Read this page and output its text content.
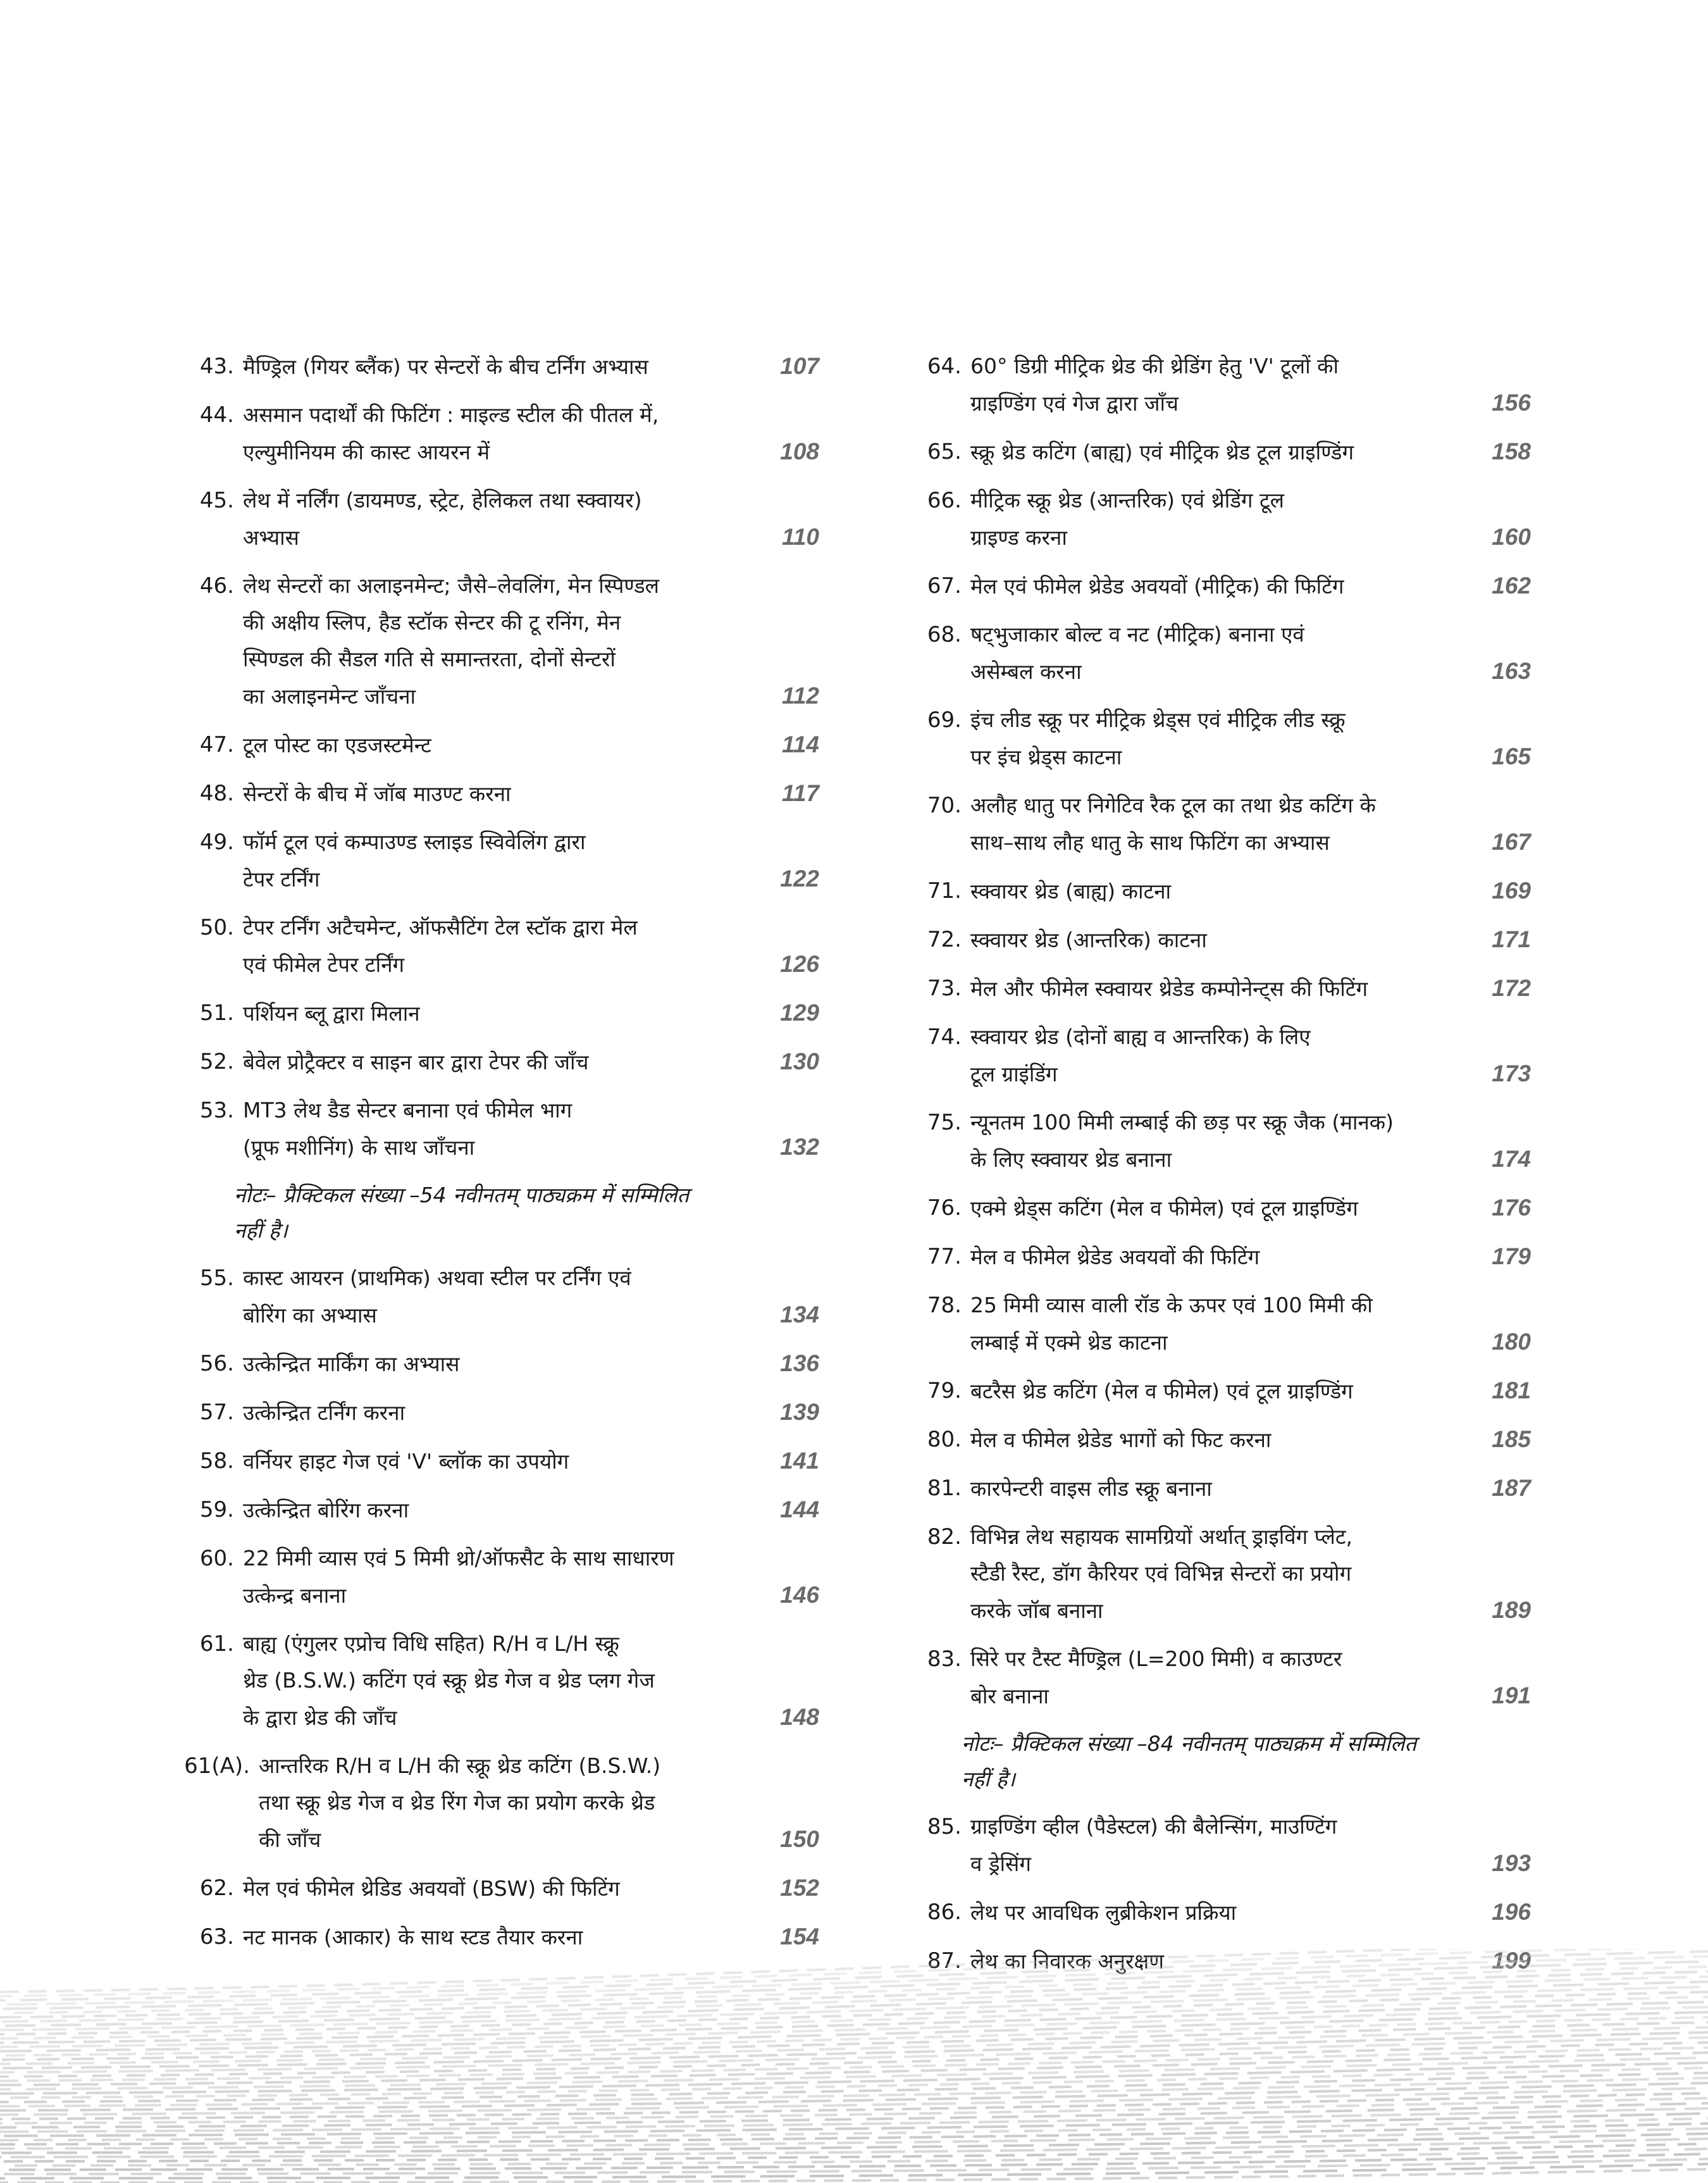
43. मैण्ड्रिल (गियर ब्लैंक) पर सेन्टरों के बीच टर्निंग अभ्यास	107
44. असमान पदार्थों की फिटिंग : माइल्ड स्टील की पीतल में,
एल्युमीनियम की कास्ट आयरन में	108
45. लेथ में नर्लिंग (डायमण्ड, स्ट्रेट, हेलिकल तथा स्क्वायर)
अभ्यास	110
46. लेथ सेन्टरों का अलाइनमेन्ट; जैसे–लेवलिंग, मेन स्पिण्डल
की अक्षीय स्लिप, हैड स्टॉक सेन्टर की टू रनिंग, मेन
स्पिण्डल की सैडल गति से समान्तरता, दोनों सेन्टरों
का अलाइनमेन्ट जाँचना	112
47. टूल पोस्ट का एडजस्टमेन्ट	114
48. सेन्टरों के बीच में जॉब माउण्ट करना	117
49. फॉर्म टूल एवं कम्पाउण्ड स्लाइड स्विवेलिंग द्वारा
टेपर टर्निंग	122
50. टेपर टर्निंग अटैचमेन्ट, ऑफसैटिंग टेल स्टॉक द्वारा मेल
एवं फीमेल टेपर टर्निंग	126
51. पर्शियन ब्लू द्वारा मिलान	129
52. बेवेल प्रोट्रैक्टर व साइन बार द्वारा टेपर की जाँच	130
53. MT3 लेथ डैड सेन्टर बनाना एवं फीमेल भाग
(प्रूफ मशीनिंग) के साथ जाँचना	132
नोटः– प्रैक्टिकल संख्या –54 नवीनतम् पाठ्यक्रम में सम्मिलित
नहीं है।
55. कास्ट आयरन (प्राथमिक) अथवा स्टील पर टर्निंग एवं
बोरिंग का अभ्यास	134
56. उत्केन्द्रित मार्किंग का अभ्यास	136
57. उत्केन्द्रित टर्निंग करना	139
58. वर्नियर हाइट गेज एवं 'V' ब्लॉक का उपयोग	141
59. उत्केन्द्रित बोरिंग करना	144
60. 22 मिमी व्यास एवं 5 मिमी थ्रो/ऑफसैट के साथ साधारण
उत्केन्द्र बनाना	146
61. बाह्य (एंगुलर एप्रोच विधि सहित) R/H व L/H स्क्रू
थ्रेड (B.S.W.) कटिंग एवं स्क्रू थ्रेड गेज व थ्रेड प्लग गेज
के द्वारा थ्रेड की जाँच	148
61(A). आन्तरिक R/H व L/H की स्क्रू थ्रेड कटिंग (B.S.W.)
तथा स्क्रू थ्रेड गेज व थ्रेड रिंग गेज का प्रयोग करके थ्रेड
की जाँच	150
62. मेल एवं फीमेल थ्रेडिड अवयवों (BSW) की फिटिंग	152
63. नट मानक (आकार) के साथ स्टड तैयार करना	154
64. 60° डिग्री मीट्रिक थ्रेड की थ्रेडिंग हेतु 'V' टूलों की
ग्राइण्डिंग एवं गेज द्वारा जाँच	156
65. स्क्रू थ्रेड कटिंग (बाह्य) एवं मीट्रिक थ्रेड टूल ग्राइण्डिंग	158
66. मीट्रिक स्क्रू थ्रेड (आन्तरिक) एवं थ्रेडिंग टूल
ग्राइण्ड करना	160
67. मेल एवं फीमेल थ्रेडेड अवयवों (मीट्रिक) की फिटिंग	162
68. षट्भुजाकार बोल्ट व नट (मीट्रिक) बनाना एवं
असेम्बल करना	163
69. इंच लीड स्क्रू पर मीट्रिक थ्रेड्स एवं मीट्रिक लीड स्क्रू
पर इंच थ्रेड्स काटना	165
70. अलौह धातु पर निगेटिव रैक टूल का तथा थ्रेड कटिंग के
साथ–साथ लौह धातु के साथ फिटिंग का अभ्यास	167
71. स्क्वायर थ्रेड (बाह्य) काटना	169
72. स्क्वायर थ्रेड (आन्तरिक) काटना	171
73. मेल और फीमेल स्क्वायर थ्रेडेड कम्पोनेन्ट्स की फिटिंग	172
74. स्क्वायर थ्रेड (दोनों बाह्य व आन्तरिक) के लिए
टूल ग्राइंडिंग	173
75. न्यूनतम 100 मिमी लम्बाई की छड़ पर स्क्रू जैक (मानक)
के लिए स्क्वायर थ्रेड बनाना	174
76. एक्मे थ्रेड्स कटिंग (मेल व फीमेल) एवं टूल ग्राइण्डिंग	176
77. मेल व फीमेल थ्रेडेड अवयवों की फिटिंग	179
78. 25 मिमी व्यास वाली रॉड के ऊपर एवं 100 मिमी की
लम्बाई में एक्मे थ्रेड काटना	180
79. बटरैस थ्रेड कटिंग (मेल व फीमेल) एवं टूल ग्राइण्डिंग	181
80. मेल व फीमेल थ्रेडेड भागों को फिट करना	185
81. कारपेन्टरी वाइस लीड स्क्रू बनाना	187
82. विभिन्न लेथ सहायक सामग्रियों अर्थात् ड्राइविंग प्लेट,
स्टैडी रैस्ट, डॉग कैरियर एवं विभिन्न सेन्टरों का प्रयोग
करके जॉब बनाना	189
83. सिरे पर टैस्ट मैण्ड्रिल (L=200 मिमी) व काउण्टर
बोर बनाना	191
नोटः– प्रैक्टिकल संख्या –84 नवीनतम् पाठ्यक्रम में सम्मिलित
नहीं है।
85. ग्राइण्डिंग व्हील (पैडेस्टल) की बैलेन्सिंग, माउण्टिंग
व ड्रेसिंग	193
86. लेथ पर आवधिक लुब्रीकेशन प्रक्रिया	196
87. लेथ का निवारक अनुरक्षण	199
